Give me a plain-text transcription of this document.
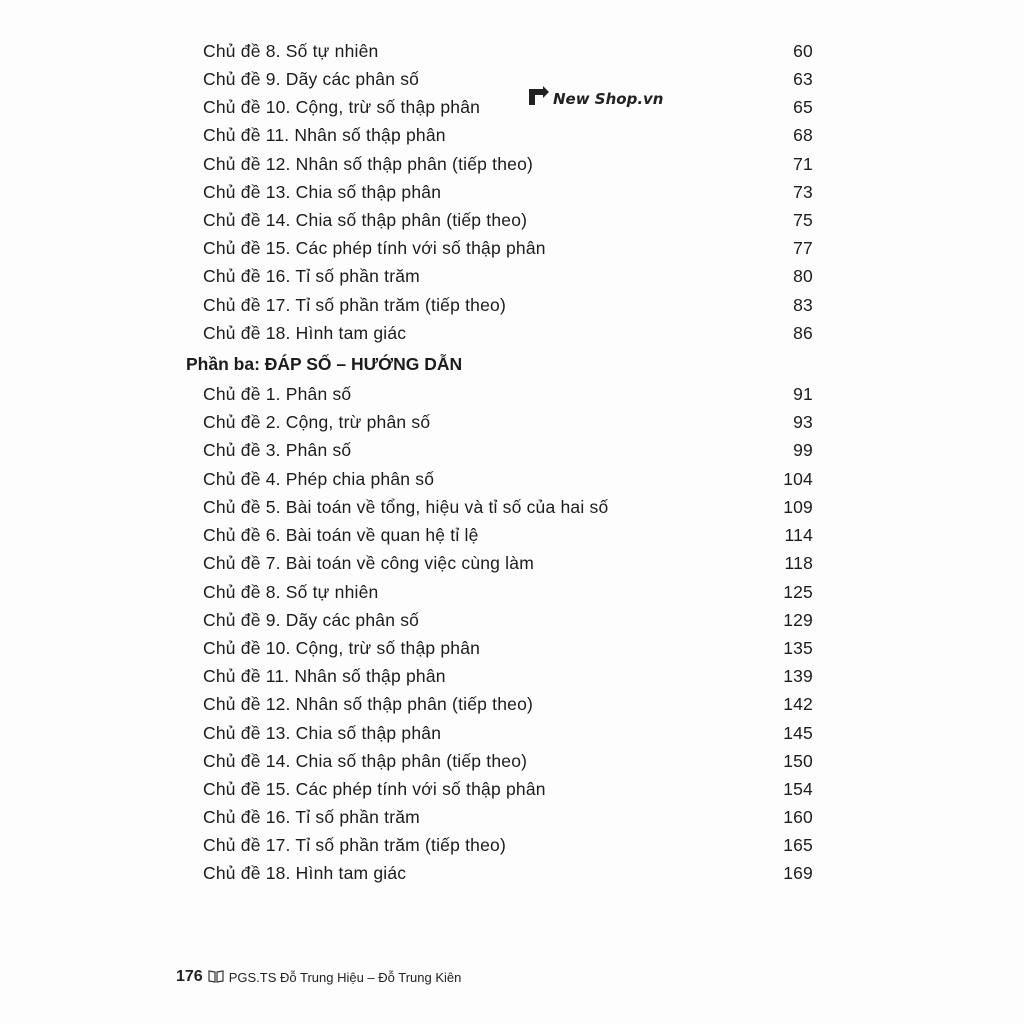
Chủ đề 8. Số tự nhiên	60
Chủ đề 9. Dãy các phân số	63
Chủ đề 10. Cộng, trừ số thập phân	65
Chủ đề 11. Nhân số thập phân	68
Chủ đề 12. Nhân số thập phân (tiếp theo)	71
Chủ đề 13. Chia số thập phân	73
Chủ đề 14. Chia số thập phân (tiếp theo)	75
Chủ đề 15. Các phép tính với số thập phân	77
Chủ đề 16. Tỉ số phần trăm	80
Chủ đề 17. Tỉ số phần trăm (tiếp theo)	83
Chủ đề 18. Hình tam giác	86
Phần ba: ĐÁP SỐ – HƯỚNG DẪN
Chủ đề 1. Phân số	91
Chủ đề 2. Cộng, trừ phân số	93
Chủ đề 3. Phân số	99
Chủ đề 4. Phép chia phân số	104
Chủ đề 5. Bài toán về tổng, hiệu và tỉ số của hai số	109
Chủ đề 6. Bài toán về quan hệ tỉ lệ	114
Chủ đề 7. Bài toán về công việc cùng làm	118
Chủ đề 8. Số tự nhiên	125
Chủ đề 9. Dãy các phân số	129
Chủ đề 10. Cộng, trừ số thập phân	135
Chủ đề 11. Nhân số thập phân	139
Chủ đề 12. Nhân số thập phân (tiếp theo)	142
Chủ đề 13. Chia số thập phân	145
Chủ đề 14. Chia số thập phân (tiếp theo)	150
Chủ đề 15. Các phép tính với số thập phân	154
Chủ đề 16. Tỉ số phần trăm	160
Chủ đề 17. Tỉ số phần trăm (tiếp theo)	165
Chủ đề 18. Hình tam giác	169
New Shop.vn
176 PGS.TS Đỗ Trung Hiệu – Đỗ Trung Kiên
